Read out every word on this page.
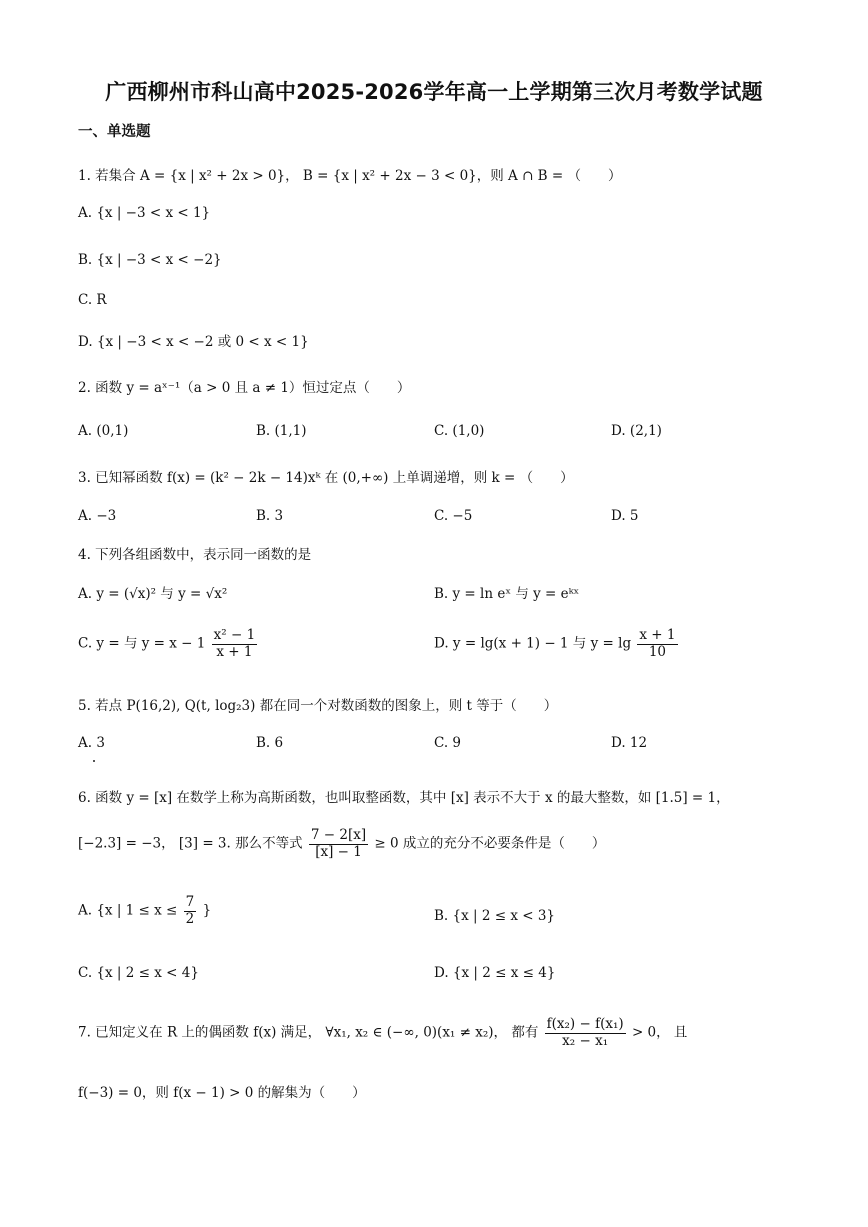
广西柳州市科山高中2025-2026学年高一上学期第三次月考数学试题
一、单选题
1. 若集合 A = {x | x² + 2x > 0}， B = {x | x² + 2x − 3 < 0}，则 A ∩ B = （　　）
A. {x | −3 < x < 1}
B. {x | −3 < x < −2}
C. R
D. {x | −3 < x < −2 或 0 < x < 1}
2. 函数 y = aˣ⁻¹（a > 0 且 a ≠ 1）恒过定点（　　）
A. (0,1)	B. (1,1)	C. (1,0)	D. (2,1)
3. 已知幂函数 f(x) = (k² − 2k − 14)xᵏ 在 (0,+∞) 上单调递增，则 k = （　　）
A. −3	B. 3	C. −5	D. 5
4. 下列各组函数中，表示同一函数的是
A. y = (√x)² 与 y = √x²	B. y = ln eˣ 与 y = eᵏˣ
C. y = 与 $y = x - 1 \frac{\text{x² − 1}}{x + 1}$	D. y = lg(x + 1) − 1 与 $y = \lg \frac{x + 1}{10}$
5. 若点 P(16,2), Q(t, log₂3) 都在同一个对数函数的图象上，则 t 等于（　　）
A. 3	B. 6	C. 9	D. 12
6. 函数 y = [x] 在数学上称为高斯函数，也叫取整函数，其中 [x] 表示不大于 x 的最大整数，如 [1.5] = 1，
[−2.3] = −3， [3] = 3. 那么不等式 $\frac{7 - 2[x]}{[x] - 1} \ge 0$ 成立的充分不必要条件是（　　）
A. {x | $1 \le x \le \frac{7}{2}$ }	B. {x | 2 ≤ x < 3}
C. {x | 2 ≤ x < 4}	D. {x | 2 ≤ x ≤ 4}
7. 已知定义在 R 上的偶函数 f(x) 满足， ∀x₁, x₂ ∈ (−∞, 0)(x₁ ≠ x₂)， 都有 $\frac{\text{f(x₂) − f(x₁)}}{\text{x₂ − x₁}} > 0$， 且
f(−3) = 0，则 f(x − 1) > 0 的解集为（　　）
